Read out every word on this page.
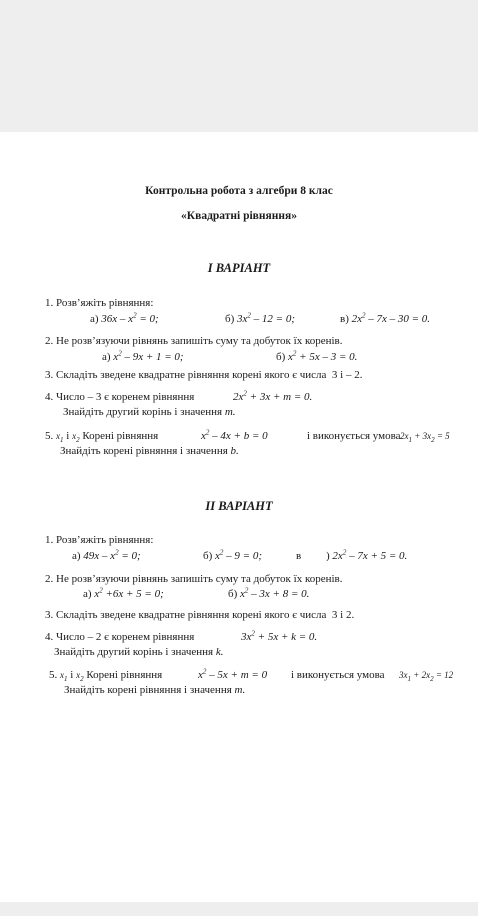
Контрольна робота з алгебри 8 клас
«Квадратні рівняння»
І ВАРІАНТ
1. Розв’яжіть рівняння:
а) $36x - x^2 = 0$;	б) $3x^2 - 12 = 0$;	в) $2x^2 - 7x - 30 = 0$.
2. Не розв’язуючи рівнянь запишіть суму та добуток їх коренів.
а) $x^2 - 9x + 1 = 0$;	б) $x^2 + 5x - 3 = 0$.
3. Складіть зведене квадратне рівняння корені якого є числа 3 і – 2.
4. Число – 3 є коренем рівняння	$2x^2 + 3x + m = 0$.
Знайдіть другий корінь і значення m.
5. $x_1$ і $x_2$ Корені рівняння	$x^2 - 4x + b = 0$	і виконується умова $2x_1 + 3x_2 = 5$
Знайдіть корені рівняння і значення b.
ІІ ВАРІАНТ
1. Розв’яжіть рівняння:
а) $49x - x^2 = 0$;	б) $x^2 - 9 = 0$;	в ) $2x^2 - 7x + 5 = 0$.
2. Не розв’язуючи рівнянь запишіть суму та добуток їх коренів.
а) $x^2 +6x + 5 = 0$;	б) $x^2 - 3x + 8 = 0$.
3. Складіть зведене квадратне рівняння корені якого є числа 3 і 2.
4. Число – 2 є коренем рівняння	$3x^2 + 5x + k = 0$.
Знайдіть другий корінь і значення k.
5. $x_1$ і $x_2$ Корені рівняння	$x^2 - 5x + m = 0$ і виконується умова $3x_1 + 2x_2 = 12$
Знайдіть корені рівняння і значення m.
